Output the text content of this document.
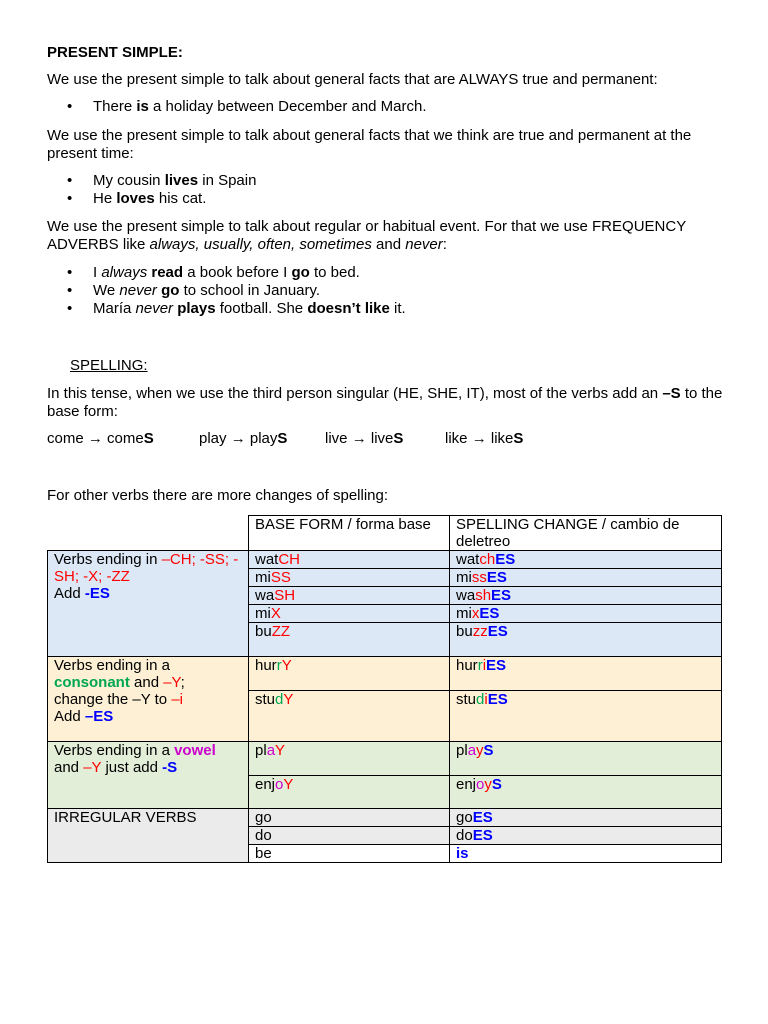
PRESENT SIMPLE:
We use the present simple to talk about general facts that are ALWAYS true and permanent:
• There is a holiday between December and March.
We use the present simple to talk about general facts that we think are true and permanent at the present time:
• My cousin lives in Spain
• He loves his cat.
We use the present simple to talk about regular or habitual event. For that we use FREQUENCY ADVERBS like always, usually, often, sometimes and never:
• I always read a book before I go to bed.
• We never go to school in January.
• María never plays football. She doesn’t like it.
SPELLING:
In this tense, when we use the third person singular (HE, SHE, IT), most of the verbs add an –S to the base form:
come → comeS	play → playS	live → liveS	like → likeS
For other verbs there are more changes of spelling:
	BASE FORM / forma base	SPELLING CHANGE / cambio de deletreo
Verbs ending in –CH; -SS; -SH; -X; -ZZ
Add -ES	watCH	watchES
	miSS	missES
	waSH	washES
	miX	mixES
	buZZ	buzzES
Verbs ending in a
consonant and –Y;
change the –Y to –i
Add –ES	hurrY	hurriES
	studY	studiES
Verbs ending in a vowel
and –Y just add -S	plaY	playS
	enjoY	enjoyS
IRREGULAR VERBS	go	goES
	do	doES
	be	is
